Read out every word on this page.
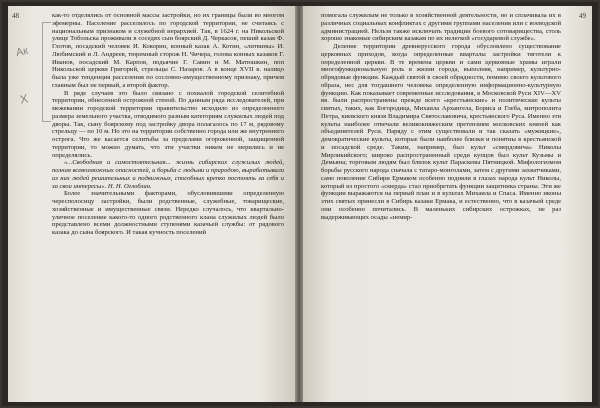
48
Ак
X

как-то отделялись от основной массы застройки, но их границы были во многом эфемерны. Население расселялось по городской территории, не считаясь с национальным признаком и служебной иерархией. Так, в 1624 г. на Никольской улице Тобольска проживали в соседях сын боярский Д. Черкасов, пеший казак Ф. Глотов, посадский человек И. Кокорин, конный казак А. Котин, «литвины» И. Любимский и Л. Андреев, тюремный сторож Н. Чичера, голова конных казаков Г. Иванов, посадский М. Карпов, подьячие Г. Савин и М. Матюшкин, поп Никольской церкви Григорий, стрельцы С. Назаров. А в конце XVII в. налицо была уже тенденция расселения по сословно-имущественному признаку, причем главным был не первый, а второй фактор.

В ряде случаев это было связано с похвалой городской селитебной территории, обнесенной острожной стеной. По данным ряда исследователей, при межевании городской территории правительство исходило из определенного размера земельного участка, отводимого разным категориям служилых людей под дворы. Так, сыну боярскому под застройку двора полагалось по 17 м, рядовому стрельцу — по 10 м. Но это на территории собственно города или же внутреннего острога. Что же касается селитьбы за пределами огороженной, защищенной территории, то можно думать, что эти участки никем не мерились и не определялись.

«...Свободная и самостоятельная... жизнь сибирских служилых людей, полная всевозможных опасностей, и борьба с людьми и природою, вырабатывали из них людей решительных и подвижных, способных крепко постоять за себя и за свои интересы». Н. Н. Оглоблин.

Более значительными факторами, обусловившими определенную чересполосицу застройки, были родственные, служебные, товарищеские, хозяйственные и имущественные связи. Нередко случалось, что квартально-уличное поселение какого-то одного родственного клана служилых людей было представлено всеми должностными ступенями казачьей службы: от рядового казака до сына боярского. И такая кучность поселений

49

помогала служилым не только в хозяйственной деятельности, но и сплачивала их в различных социальных конфликтах с другими группами населения или с воеводской администрацией. Нельзя также исключать традиции боевого сотоварищества, столь хорошо знакомые сибирским казакам по их нелегкой «государевой службе».

Деление территории древнерусского города обусловлено существование церковных приходов, когда определенные кварталы застройки тяготели к определенной церкви. В те времена церкви и сами церковные храмы играли многофункциональную роль в жизни города, выполняя, например, культурно-обрядовые функции. Каждый святой в своей обрядности, помимо своего культового образа, нес для тогдашнего человека определенную информационно-культурную функцию. Как показывает современные исследования, в Московской Руси XIV—XV вв. были распространены прежде всего «крестьянские» и политические культы святых, таких, как Богородица, Михаила Архангела, Бориса и Глеба, митрополита Петра, киевского князя Владимира Святославовича, крестьянского Руса. Именно эти культы наиболее отвечали великокняжеским претензиям московских князей как объединителей Руси. Наряду с этим существовали и так сказать «мужицкие», демократические культы, которые были наиболее близки и понятны в крестьянской и посадской среде. Таким, например, был культ «смердовича» Николы Мирликийского; широко распространенный среди купцов был культ Кузьмы и Демьяна; торговым людям был близок культ Параскевы Пятницкой. Мифологизмом борьбы русского народа сначала с татаро-монголами, затем с другими захватчиками, само поколение Сибири Ермаком особенно подняли в глазах народа культ Николы, который из простого «смерда» стал приобретать функции защитника страны. Эти же функции выражаются на первый план и в культах Михаила и Спаса. Именно иконы этих святых принесли в Сибирь казаки Ермака, и естественно, что в казачьей среде они особенно почитались. В маленьких сибирских острожках, не раз выдерживающих осады «немир-
